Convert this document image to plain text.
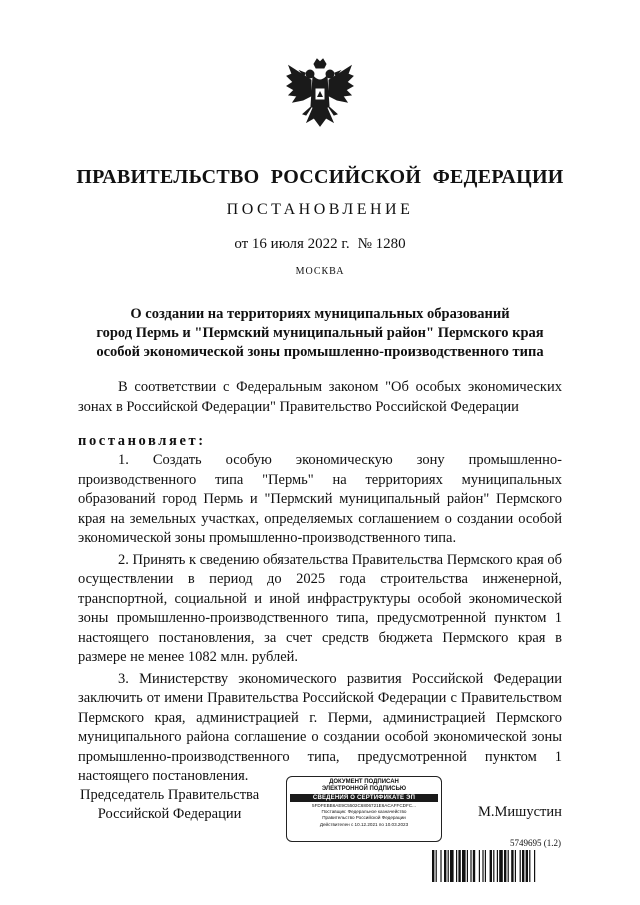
ПРАВИТЕЛЬСТВО РОССИЙСКОЙ ФЕДЕРАЦИИ
ПОСТАНОВЛЕНИЕ
от 16 июля 2022 г. № 1280
МОСКВА
О создании на территориях муниципальных образований
город Пермь и "Пермский муниципальный район" Пермского края
особой экономической зоны промышленно-производственного типа

В соответствии с Федеральным законом "Об особых экономических зонах в Российской Федерации" Правительство Российской Федерации

постановляет:

1. Создать особую экономическую зону промышленно-производственного типа "Пермь" на территориях муниципальных образований город Пермь и "Пермский муниципальный район" Пермского края на земельных участках, определяемых соглашением о создании особой экономической зоны промышленно-производственного типа.

2. Принять к сведению обязательства Правительства Пермского края об осуществлении в период до 2025 года строительства инженерной, транспортной, социальной и иной инфраструктуры особой экономической зоны промышленно-производственного типа, предусмотренной пунктом 1 настоящего постановления, за счет средств бюджета Пермского края в размере не менее 1082 млн. рублей.

3. Министерству экономического развития Российской Федерации заключить от имени Правительства Российской Федерации с Правительством Пермского края, администрацией г. Перми, администрацией Пермского муниципального района соглашение о создании особой экономической зоны промышленно-производственного типа, предусмотренной пунктом 1 настоящего постановления.

Председатель Правительства
Российской Федерации
ДОКУМЕНТ ПОДПИСАН
ЭЛЕКТРОННОЙ ПОДПИСЬЮ
СВЕДЕНИЯ О СЕРТИФИКАТЕ ЭП
5FDFEBB6AE9C5502C6806721E6ACAFFCDFC...
Поставщик: Федеральное казначейство
Правительство Российской Федерации
Действителен с 10.12.2021 по 10.03.2023
М.Мишустин
5749695 (1.2)
